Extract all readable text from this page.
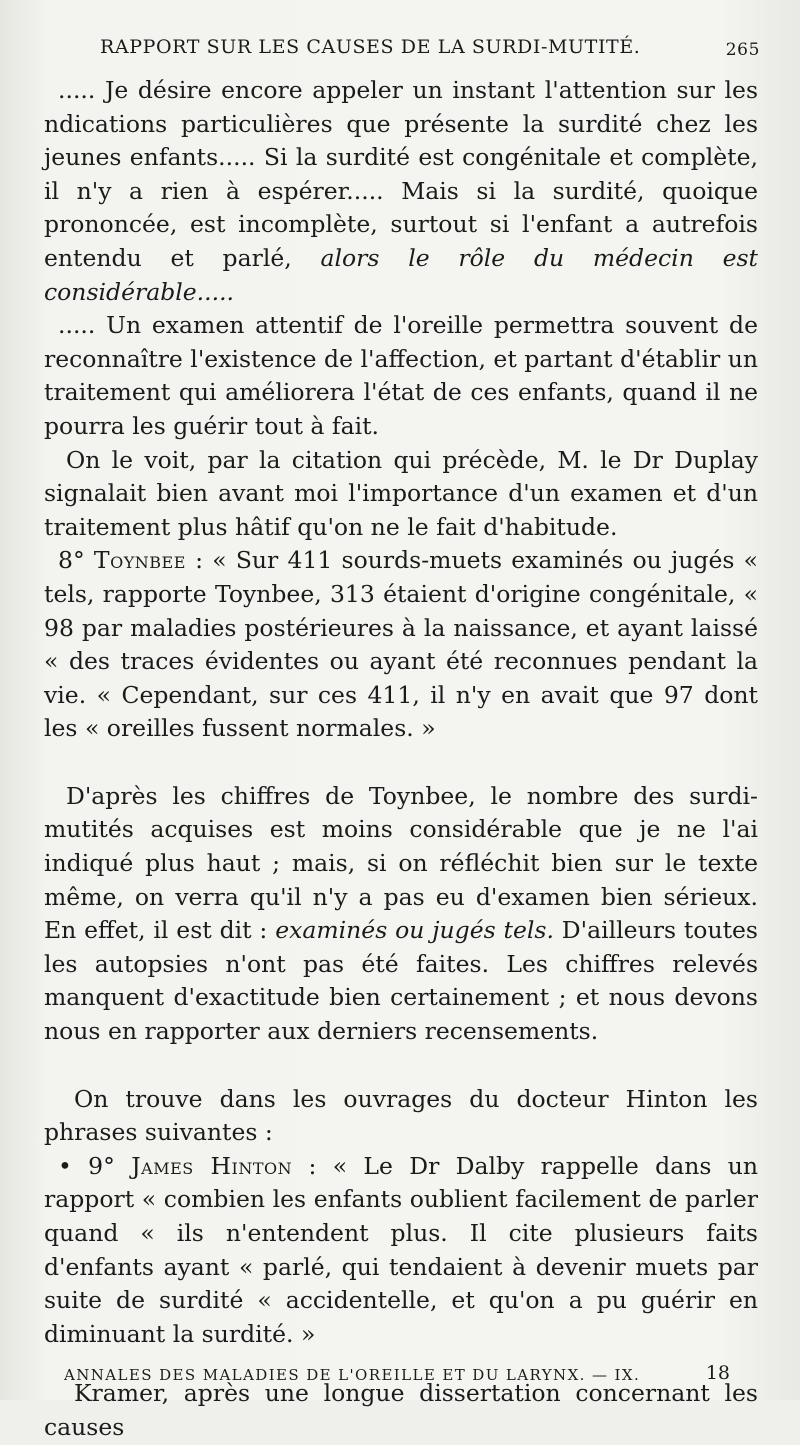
RAPPORT SUR LES CAUSES DE LA SURDI-MUTITÉ.	265

..... Je désire encore appeler un instant l'attention sur les ndications particulières que présente la surdité chez les jeunes enfants..... Si la surdité est congénitale et complète, il n'y a rien à espérer..... Mais si la surdité, quoique prononcée, est incomplète, surtout si l'enfant a autrefois entendu et parlé, alors le rôle du médecin est considérable.....

..... Un examen attentif de l'oreille permettra souvent de reconnaître l'existence de l'affection, et partant d'établir un traitement qui améliorera l'état de ces enfants, quand il ne pourra les guérir tout à fait.

On le voit, par la citation qui précède, M. le Dr Duplay signalait bien avant moi l'importance d'un examen et d'un traitement plus hâtif qu'on ne le fait d'habitude.

8° Toynbee : « Sur 411 sourds-muets examinés ou jugés « tels, rapporte Toynbee, 313 étaient d'origine congénitale, « 98 par maladies postérieures à la naissance, et ayant laissé « des traces évidentes ou ayant été reconnues pendant la vie. « Cependant, sur ces 411, il n'y en avait que 97 dont les « oreilles fussent normales. »

D'après les chiffres de Toynbee, le nombre des surdi-mutités acquises est moins considérable que je ne l'ai indiqué plus haut ; mais, si on réfléchit bien sur le texte même, on verra qu'il n'y a pas eu d'examen bien sérieux. En effet, il est dit : examinés ou jugés tels. D'ailleurs toutes les autopsies n'ont pas été faites. Les chiffres relevés manquent d'exactitude bien certainement ; et nous devons nous en rapporter aux derniers recensements.

On trouve dans les ouvrages du docteur Hinton les phrases suivantes :

• 9° James Hinton : « Le Dr Dalby rappelle dans un rapport « combien les enfants oublient facilement de parler quand « ils n'entendent plus. Il cite plusieurs faits d'enfants ayant « parlé, qui tendaient à devenir muets par suite de surdité « accidentelle, et qu'on a pu guérir en diminuant la surdité. »

Kramer, après une longue dissertation concernant les causes

ANNALES DES MALADIES DE L'OREILLE ET DU LARYNX. — IX.	18
